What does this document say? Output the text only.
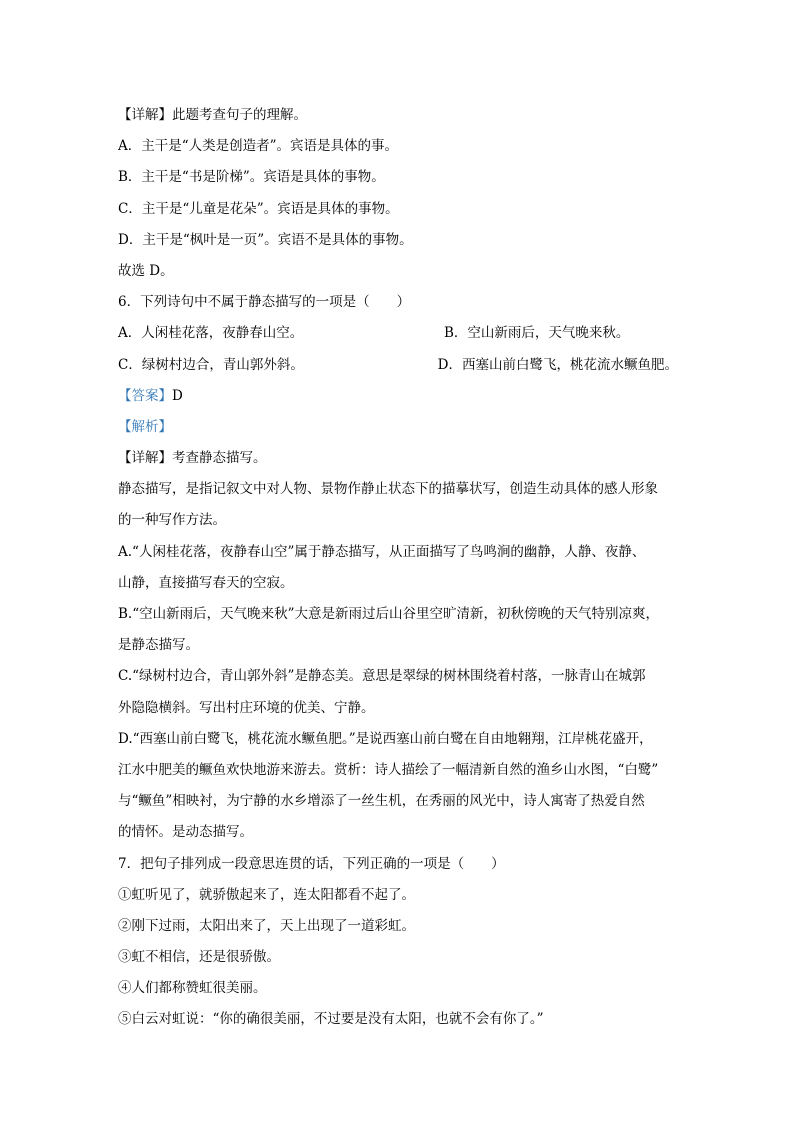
【详解】此题考查句子的理解。
A．主干是“人类是创造者”。宾语是具体的事。
B．主干是“书是阶梯”。宾语是具体的事物。
C．主干是“儿童是花朵”。宾语是具体的事物。
D．主干是“枫叶是一页”。宾语不是具体的事物。
故选 D。
6．下列诗句中不属于静态描写的一项是（　　）
A．人闲桂花落，夜静春山空。	B．空山新雨后，天气晚来秋。
C．绿树村边合，青山郭外斜。	D．西塞山前白鹭飞，桃花流水鳜鱼肥。
【答案】D
【解析】
【详解】考查静态描写。
静态描写，是指记叙文中对人物、景物作静止状态下的描摹状写，创造生动具体的感人形象
的一种写作方法。
A.“人闲桂花落，夜静春山空”属于静态描写，从正面描写了鸟鸣涧的幽静，人静、夜静、
山静，直接描写春天的空寂。
B.“空山新雨后，天气晚来秋”大意是新雨过后山谷里空旷清新，初秋傍晚的天气特别凉爽，
是静态描写。
C.“绿树村边合，青山郭外斜”是静态美。意思是翠绿的树林围绕着村落，一脉青山在城郭
外隐隐横斜。写出村庄环境的优美、宁静。
D.“西塞山前白鹭飞，桃花流水鳜鱼肥。”是说西塞山前白鹭在自由地翱翔，江岸桃花盛开，
江水中肥美的鳜鱼欢快地游来游去。赏析：诗人描绘了一幅清新自然的渔乡山水图，“白鹭”
与“鳜鱼”相映衬，为宁静的水乡增添了一丝生机，在秀丽的风光中，诗人寓寄了热爱自然
的情怀。是动态描写。
7．把句子排列成一段意思连贯的话，下列正确的一项是（　　）
①虹听见了，就骄傲起来了，连太阳都看不起了。
②刚下过雨，太阳出来了，天上出现了一道彩虹。
③虹不相信，还是很骄傲。
④人们都称赞虹很美丽。
⑤白云对虹说：“你的确很美丽，不过要是没有太阳，也就不会有你了。”
